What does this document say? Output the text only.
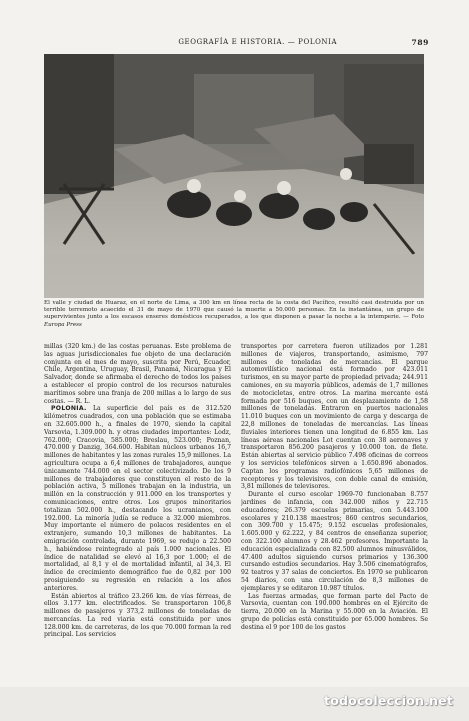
GEOGRAFÍA E HISTORIA. — POLONIA	789
El valle y ciudad de Huaraz, en el norte de Lima, a 300 km en línea recta de la costa del Pacífico, resultó casi destruida por un terrible terremoto acaecido el 31 de mayo de 1970 que causó la muerte a 50.000 personas. En la instantánea, un grupo de supervivientes junto a los escasos enseres domésticos recuperados, a los que disponen a pasar la noche a la intemperie. — Foto Europa Press

millas (320 km.) de las costas peruanas. Este problema de las aguas jurisdiccionales fue objeto de una declaración conjunta en el mes de mayo, suscrita por Perú, Ecuador, Chile, Argentina, Uruguay, Brasil, Panamá, Nicaragua y El Salvador, donde se afirmaba el derecho de todos los países a establecer el propio control de los recursos naturales marítimos sobre una franja de 200 millas a lo largo de sus costas. — R. L.

POLONIA. La superficie del país es de 312.520 kilómetros cuadrados, con una población que se estimaba en 32.605.000 h., a finales de 1970, siendo la capital Varsovia, 1.309.000 h. y otras ciudades importantes: Lodz, 762.000; Cracovia, 585.000; Breslau, 523.000; Poznan, 470.000 y Danzig, 364.600. Habitan núcleos urbanos 16,7 millones de habitantes y las zonas rurales 15,9 millones. La agricultura ocupa a 6,4 millones de trabajadores, aunque únicamente 744.000 en el sector colectivizado. De los 9 millones de trabajadores que constituyen el resto de la población activa, 5 millones trabajan en la industria, un millón en la construcción y 911.000 en los transportes y comunicaciones, entre otros. Los grupos minoritarios totalizan 502.000 h., destacando los ucranianos, con 192.000. La minoría judía se reduce a 32.000 miembros. Muy importante el número de polacos residentes en el extranjero, sumando 10,3 millones de habitantes. La emigración controlada, durante 1969, se redujo a 22.500 h., habiéndose reintegrado al país 1.000 nacionales. El índice de natalidad se elevó al 16,3 por 1.000; el de mortalidad, al 8,1 y el de mortalidad infantil, al 34,3. El índice de crecimiento demográfico fue de 0,82 por 100 prosiguiendo su regresión en relación a los años anteriores.

Están abiertos al tráfico 23.266 km. de vías férreas, de ellos 3.177 km. electrificados. Se transportaron 106,8 millones de pasajeros y 373,2 millones de toneladas de mercancías. La red viaria está constituida por unos 128.000 km. de carreteras, de los que 70.000 forman la red principal. Los servicios

transportes por carretera fueron utilizados por 1.281 millones de viajeros, transportando, asimismo, 797 millones de toneladas de mercancías. El parque automovilístico nacional está formado por 423.011 turismos, en su mayor parte de propiedad privada; 244.911 camiones, en su mayoría públicos, además de 1,7 millones de motocicletas, entre otros. La marina mercante está formada por 516 buques, con un desplazamiento de 1,58 millones de toneladas. Entraron en puertos nacionales 11.010 buques con un movimiento de carga y descarga de 22,8 millones de toneladas de mercancías. Las líneas fluviales interiores tienen una longitud de 6.855 km. Las líneas aéreas nacionales Lot cuentan con 38 aeronaves y transportaron 856.200 pasajeros y 10.000 ton. de flete. Están abiertas al servicio público 7.498 oficinas de correos y los servicios telefónicos sirven a 1.650.896 abonados. Captan los programas radiofónicos 5,65 millones de receptores y los televisivos, con doble canal de emisión, 3,81 millones de televisores.

Durante el curso escolar 1969-70 funcionaban 8.757 jardines de infancia, con 342.000 niños y 22.715 educadores; 26.379 escuelas primarias, con 5.443.100 escolares y 210.138 maestros; 860 centros secundarios, con 309.700 y 15.475; 9.152 escuelas profesionales, 1.605.000 y 62.222, y 84 centros de enseñanza superior, con 322.100 alumnos y 28.462 profesores. Importante la educación especializada con 82.500 alumnos minusválidos, 47.400 adultos siguiendo cursos primarios y 136.300 cursando estudios secundarios. Hay 3.506 cinematógrafos, 92 teatros y 37 salas de conciertos. En 1970 se publicaron 54 diarios, con una circulación de 8,3 millones de ejemplares y se editaron 10.987 títulos.

Las fuerzas armadas, que forman parte del Pacto de Varsovia, cuentan con 190.000 hombres en el Ejército de tierra, 20.000 en la Marina y 55.000 en la Aviación. El grupo de policías está constituido por 65.000 hombres. Se destina el 9 por 100 de los gastos

todocoleccion.net
